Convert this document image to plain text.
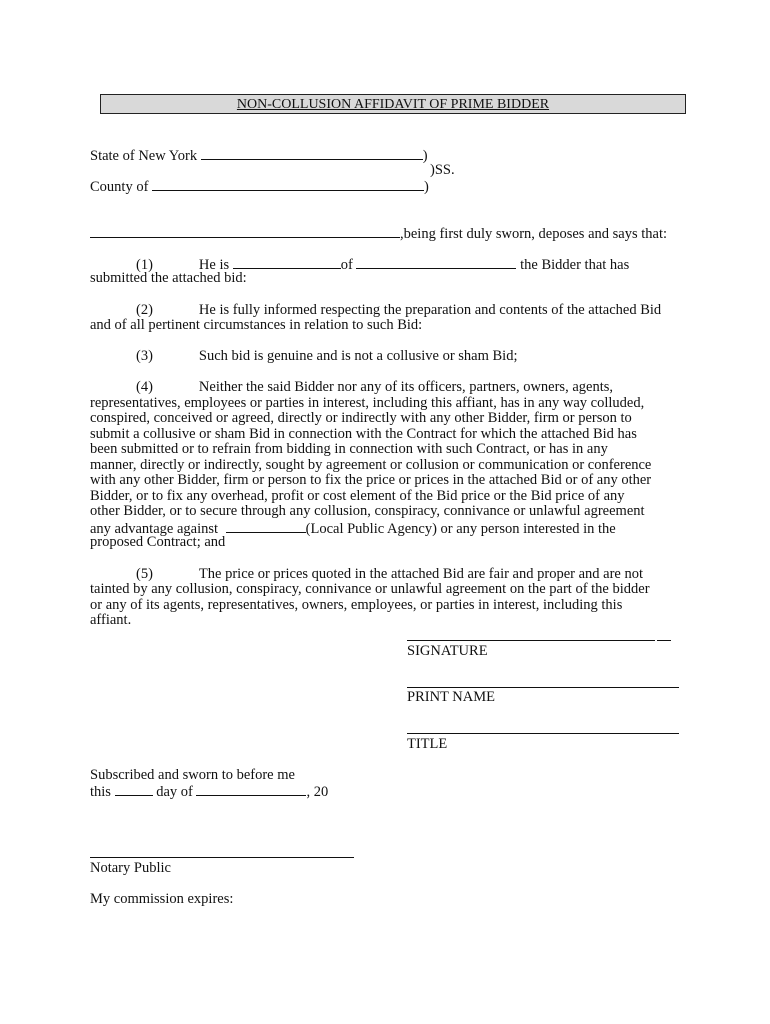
NON-COLLUSION AFFIDAVIT OF PRIME BIDDER
State of New York	)
)SS.
County of	)
,being first duly sworn, deposes and says that:
(1)	He is	of	the Bidder that has
submitted the attached bid:
(2)	He is fully informed respecting the preparation and contents of the attached Bid
and of all pertinent circumstances in relation to such Bid:
(3)	Such bid is genuine and is not a collusive or sham Bid;
(4)	Neither the said Bidder nor any of its officers, partners, owners, agents,
representatives, employees or parties in interest, including this affiant, has in any way colluded,
conspired, conceived or agreed, directly or indirectly with any other Bidder, firm or person to
submit a collusive or sham Bid in connection with the Contract for which the attached Bid has
been submitted or to refrain from bidding in connection with such Contract, or has in any
manner, directly or indirectly, sought by agreement or collusion or communication or conference
with any other Bidder, firm or person to fix the price or prices in the attached Bid or of any other
Bidder, or to fix any overhead, profit or cost element of the Bid price or the Bid price of any
other Bidder, or to secure through any collusion, conspiracy, connivance or unlawful agreement
any advantage against	(Local Public Agency) or any person interested in the
proposed Contract; and
(5)	The price or prices quoted in the attached Bid are fair and proper and are not
tainted by any collusion, conspiracy, connivance or unlawful agreement on the part of the bidder
or any of its agents, representatives, owners, employees, or parties in interest, including this
affiant.
SIGNATURE
PRINT NAME
TITLE
Subscribed and sworn to before me
this	day of	, 20
Notary Public
My commission expires:
